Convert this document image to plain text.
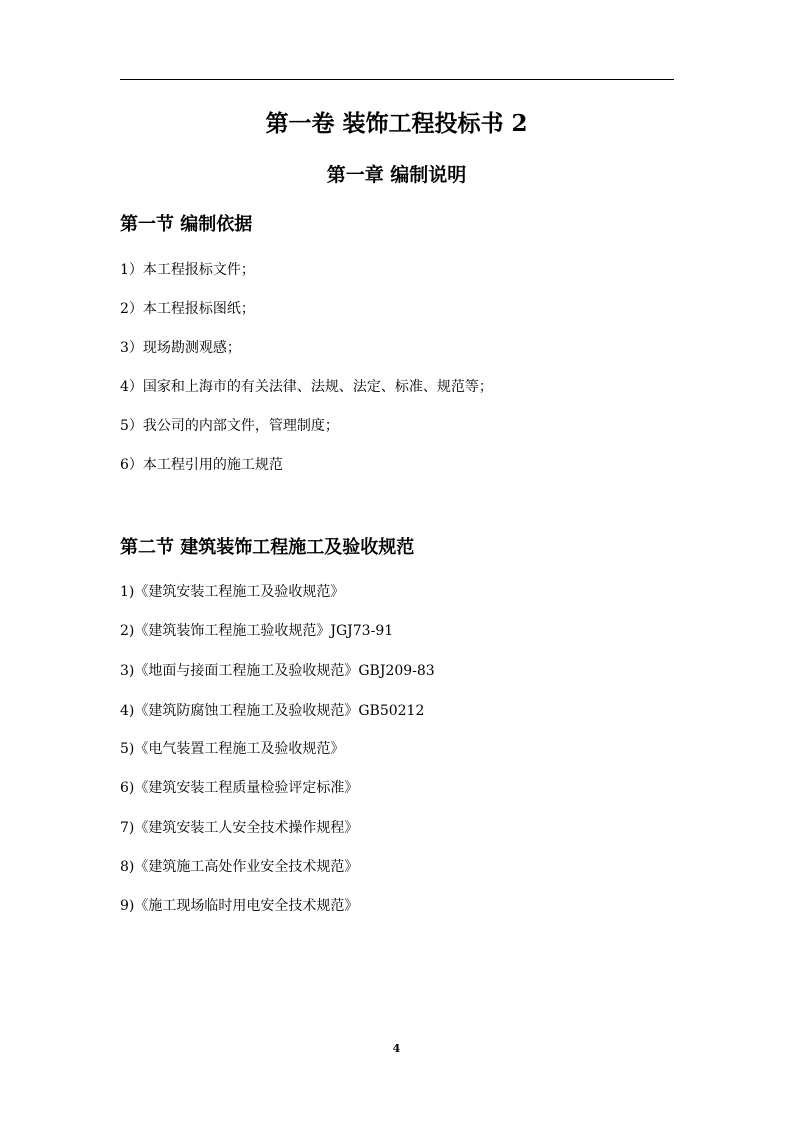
第一卷 装饰工程投标书 2
第一章 编制说明
第一节 编制依据

1）本工程报标文件；

2）本工程报标图纸；

3）现场勘测观感；

4）国家和上海市的有关法律、法规、法定、标准、规范等；

5）我公司的内部文件，管理制度；

6）本工程引用的施工规范

第二节 建筑装饰工程施工及验收规范

1)《建筑安装工程施工及验收规范》

2)《建筑装饰工程施工验收规范》JGJ73-91

3)《地面与接面工程施工及验收规范》GBJ209-83

4)《建筑防腐蚀工程施工及验收规范》GB50212

5)《电气装置工程施工及验收规范》

6)《建筑安装工程质量检验评定标准》

7)《建筑安装工人安全技术操作规程》

8)《建筑施工高处作业安全技术规范》

9)《施工现场临时用电安全技术规范》

4
